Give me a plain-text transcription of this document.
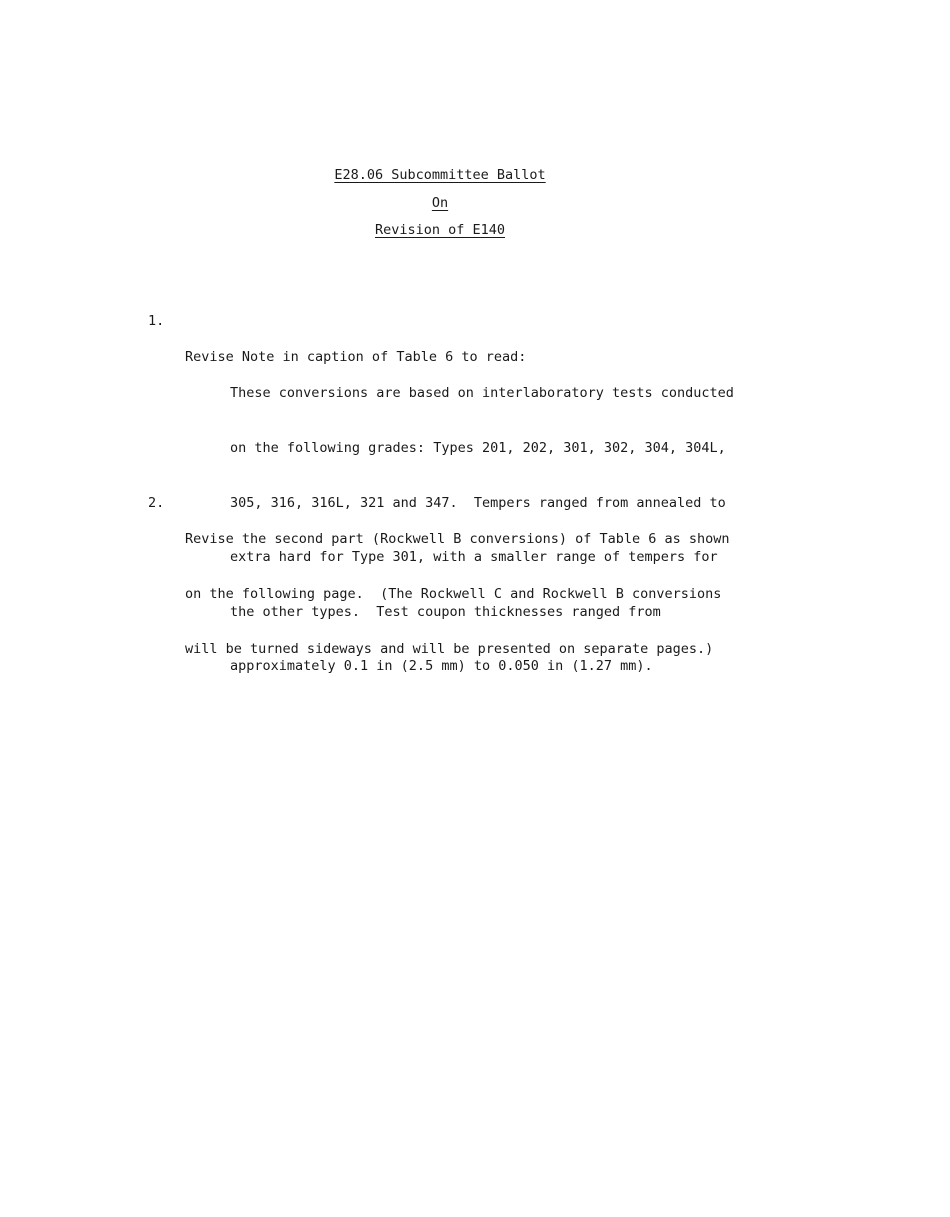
E28.06 Subcommittee Ballot
On
Revision of E140
1.

Revise Note in caption of Table 6 to read:

These conversions are based on interlaboratory tests conducted

on the following grades: Types 201, 202, 301, 302, 304, 304L,

305, 316, 316L, 321 and 347.  Tempers ranged from annealed to

extra hard for Type 301, with a smaller range of tempers for

the other types.  Test coupon thicknesses ranged from

approximately 0.1 in (2.5 mm) to 0.050 in (1.27 mm).

2.

Revise the second part (Rockwell B conversions) of Table 6 as shown

on the following page.  (The Rockwell C and Rockwell B conversions

will be turned sideways and will be presented on separate pages.)
